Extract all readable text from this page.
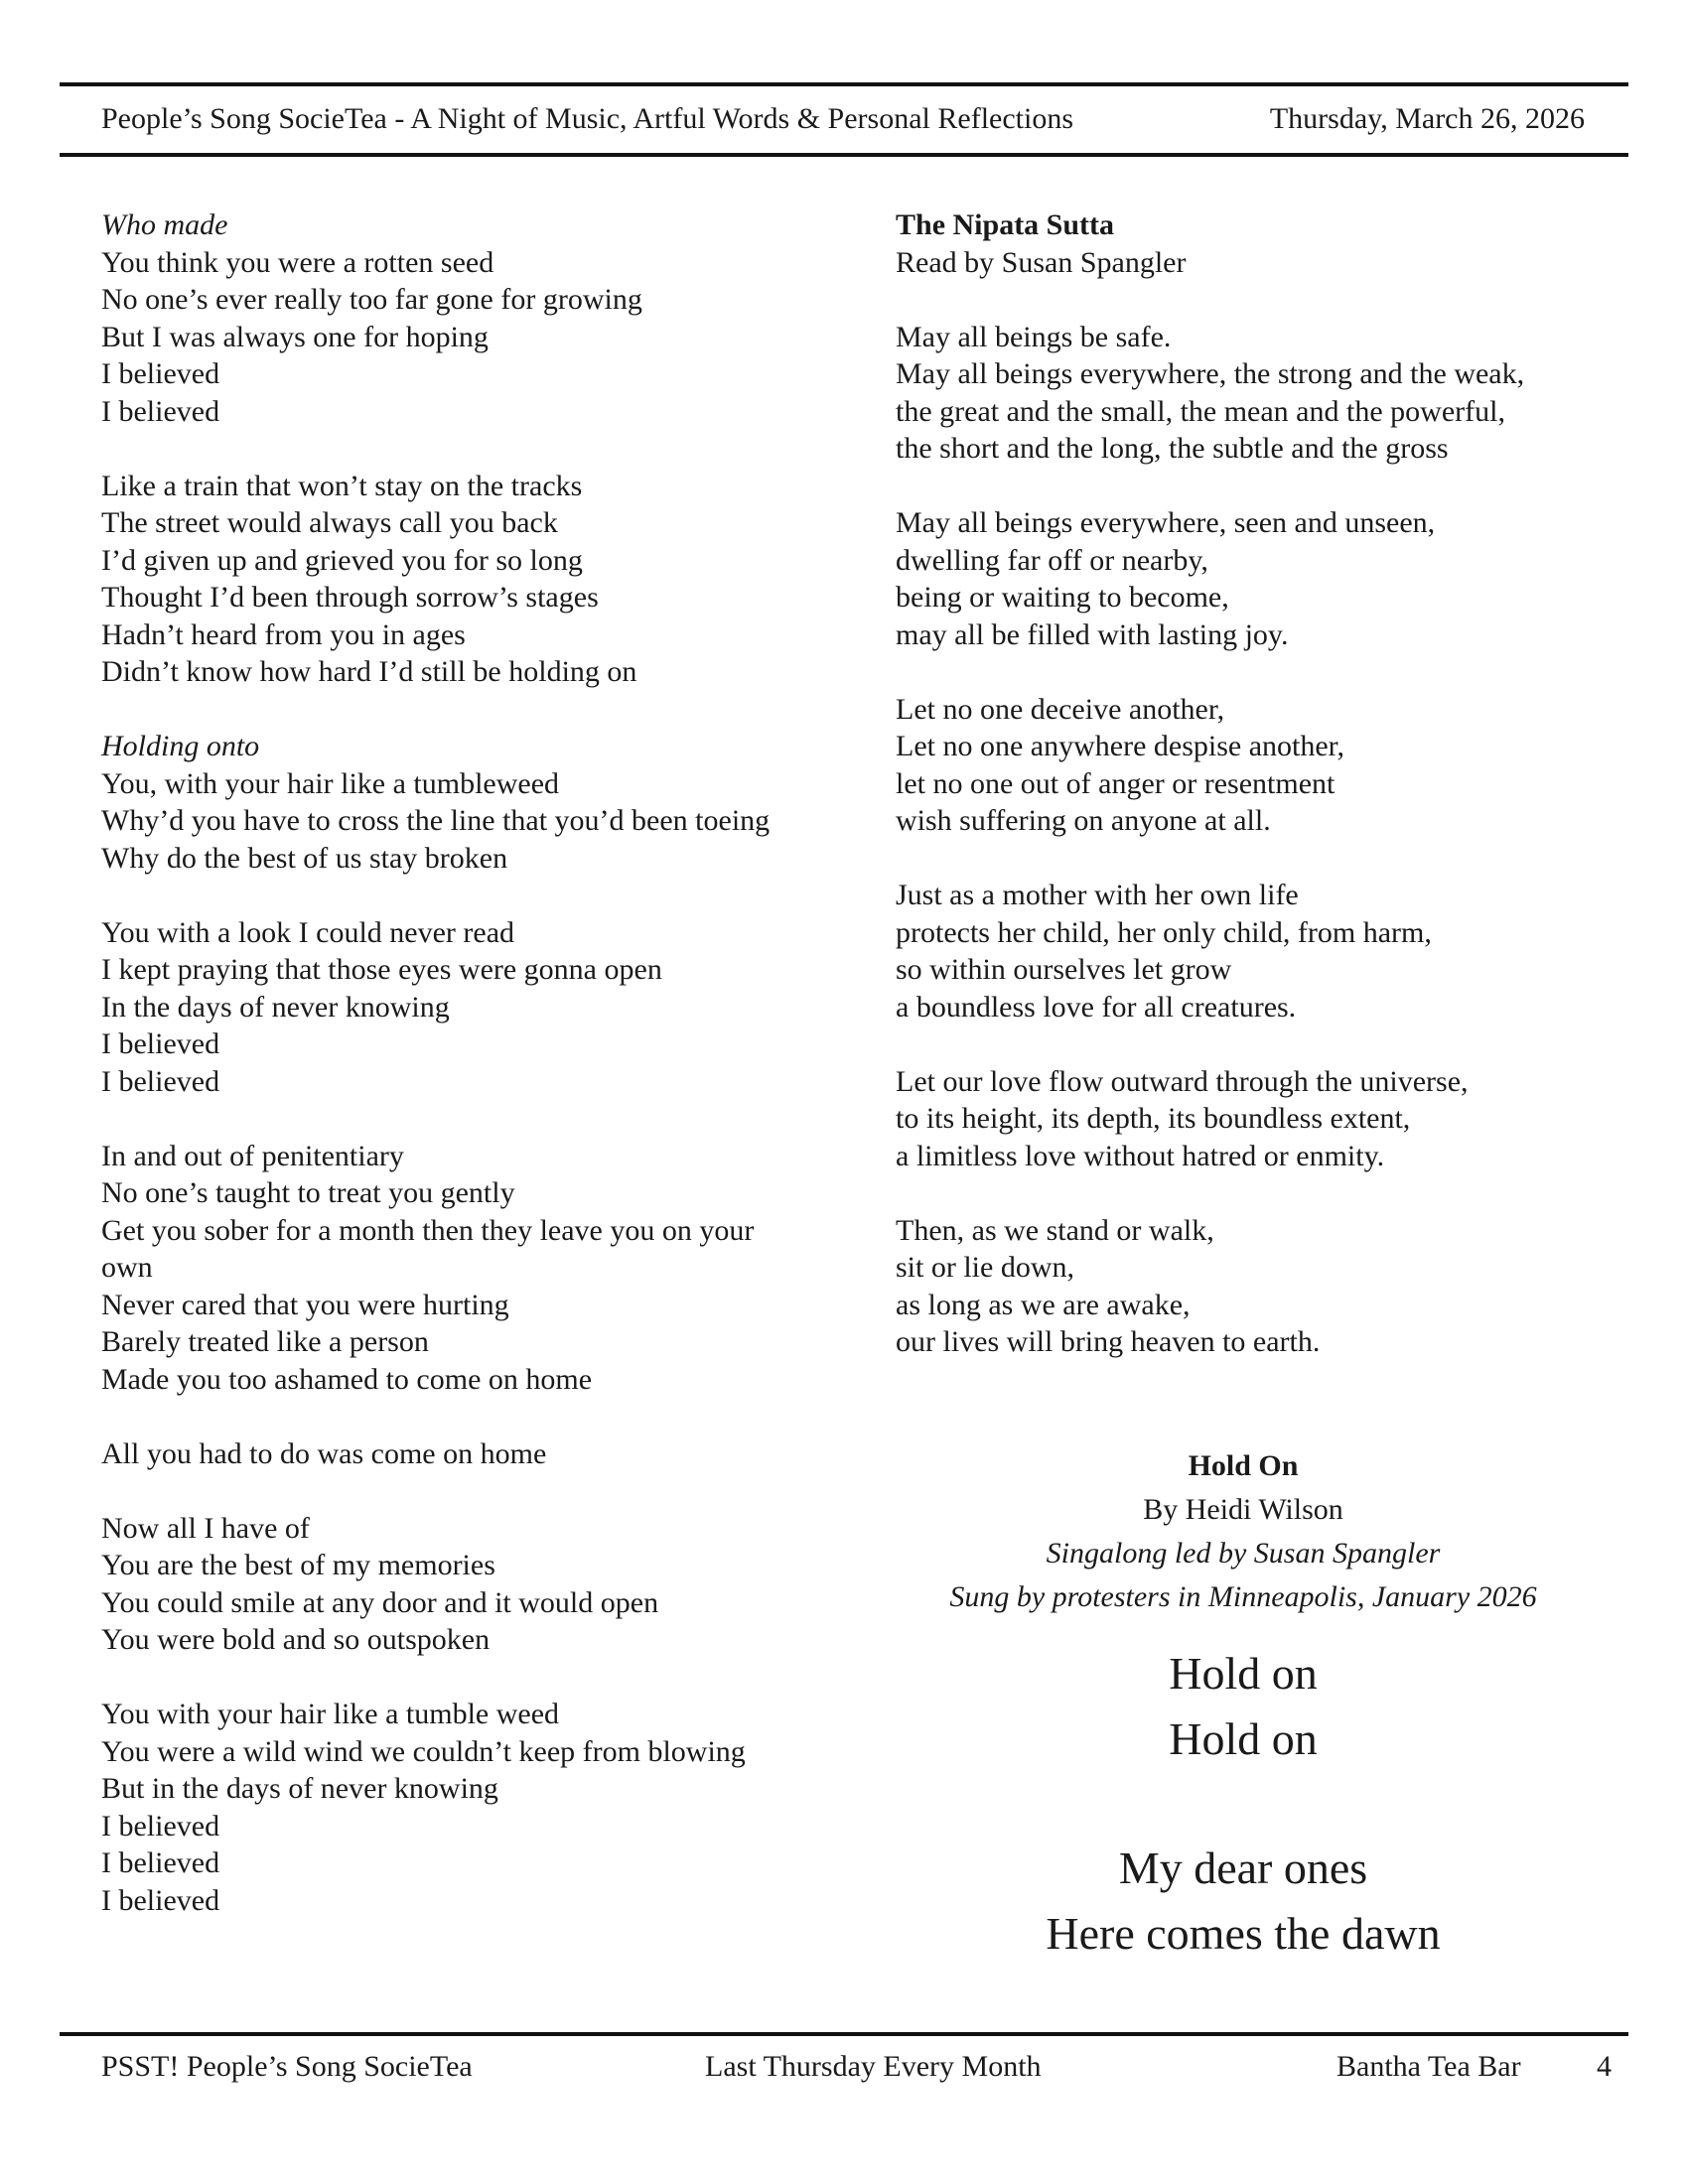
People’s Song SocieTea - A Night of Music, Artful Words & Personal Reflections	Thursday, March 26, 2026
Who made
You think you were a rotten seed
No one’s ever really too far gone for growing
But I was always one for hoping
I believed
I believed
Like a train that won’t stay on the tracks
The street would always call you back
I’d given up and grieved you for so long
Thought I’d been through sorrow’s stages
Hadn’t heard from you in ages
Didn’t know how hard I’d still be holding on
Holding onto
You, with your hair like a tumbleweed
Why’d you have to cross the line that you’d been toeing
Why do the best of us stay broken
You with a look I could never read
I kept praying that those eyes were gonna open
In the days of never knowing
I believed
I believed
In and out of penitentiary
No one’s taught to treat you gently
Get you sober for a month then they leave you on your own
Never cared that you were hurting
Barely treated like a person
Made you too ashamed to come on home
All you had to do was come on home
Now all I have of
You are the best of my memories
You could smile at any door and it would open
You were bold and so outspoken
You with your hair like a tumble weed
You were a wild wind we couldn’t keep from blowing
But in the days of never knowing
I believed
I believed
I believed
The Nipata Sutta
Read by Susan Spangler
May all beings be safe.
May all beings everywhere, the strong and the weak,
the great and the small, the mean and the powerful,
the short and the long, the subtle and the gross
May all beings everywhere, seen and unseen,
dwelling far off or nearby,
being or waiting to become,
may all be filled with lasting joy.
Let no one deceive another,
Let no one anywhere despise another,
let no one out of anger or resentment
wish suffering on anyone at all.
Just as a mother with her own life
protects her child, her only child, from harm,
so within ourselves let grow
a boundless love for all creatures.
Let our love flow outward through the universe,
to its height, its depth, its boundless extent,
a limitless love without hatred or enmity.
Then, as we stand or walk,
sit or lie down,
as long as we are awake,
our lives will bring heaven to earth.
Hold On
By Heidi Wilson
Singalong led by Susan Spangler
Sung by protesters in Minneapolis, January 2026
Hold on
Hold on
My dear ones
Here comes the dawn
PSST! People’s Song SocieTea	Last Thursday Every Month	Bantha Tea Bar	4
